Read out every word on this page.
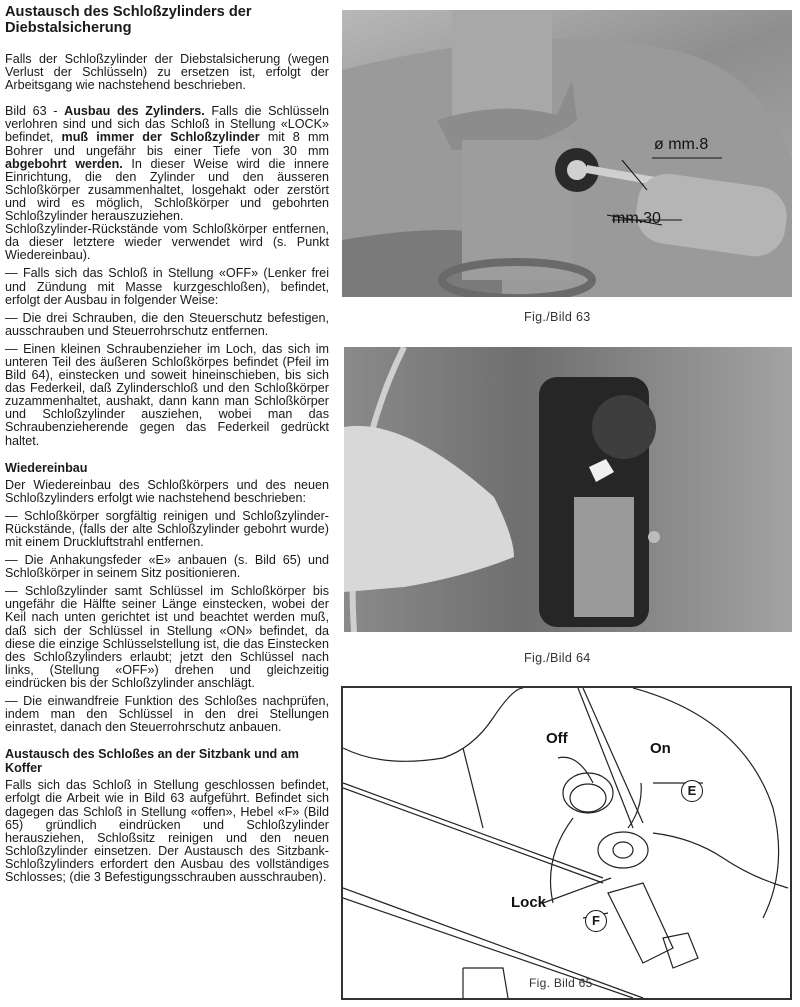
Austausch des Schloßzylinders der Diebstalsicherung

Falls der Schloßzylinder der Diebstalsicherung (wegen Verlust der Schlüsseln) zu ersetzen ist, erfolgt der Arbeitsgang wie nachstehend beschrieben.

Bild 63 - Ausbau des Zylinders. Falls die Schlüsseln verlohren sind und sich das Schloß in Stellung «LOCK» befindet, muß immer der Schloßzylinder mit 8 mm Bohrer und ungefähr bis einer Tiefe von 30 mm abgebohrt werden. In dieser Weise wird die innere Einrichtung, die den Zylinder und den äusseren Schloßkörper zusammenhaltet, losgehakt oder zerstört und wird es möglich, Schloßkörper und gebohrten Schloßzylinder herauszuziehen.

Schloßzylinder-Rückstände vom Schloßkörper entfernen, da dieser letztere wieder verwendet wird (s. Punkt Wiedereinbau).

— Falls sich das Schloß in Stellung «OFF» (Lenker frei und Zündung mit Masse kurzgeschloßen), befindet, erfolgt der Ausbau in folgender Weise:

— Die drei Schrauben, die den Steuerschutz befestigen, ausschrauben und Steuerrohrschutz entfernen.

— Einen kleinen Schraubenzieher im Loch, das sich im unteren Teil des äußeren Schloßkörpes befindet (Pfeil im Bild 64), einstecken und soweit hineinschieben, bis sich das Federkeil, daß Zylinderschloß und den Schloßkörper zuzammenhaltet, aushakt, dann kann man Schloßkörper und Schloßzylinder ausziehen, wobei man das Schraubenzieherende gegen das Federkeil gedrückt haltet.

Wiedereinbau

Der Wiedereinbau des Schloßkörpers und des neuen Schloßzylinders erfolgt wie nachstehend beschrieben:

— Schloßkörper sorgfältig reinigen und Schloßzylinder-Rückstände, (falls der alte Schloßzylinder gebohrt wurde) mit einem Druckluftstrahl entfernen.

— Die Anhakungsfeder «E» anbauen (s. Bild 65) und Schloßkörper in seinem Sitz positionieren.

— Schloßzylinder samt Schlüssel im Schloßkörper bis ungefähr die Hälfte seiner Länge einstecken, wobei der Keil nach unten gerichtet ist und beachtet werden muß, daß sich der Schlüssel in Stellung «ON» befindet, da diese die einzige Schlüsselstellung ist, die das Einstecken des Schloßzylinders erlaubt; jetzt den Schlüssel nach links, (Stellung «OFF») drehen und gleichzeitig eindrücken bis der Schloßzylinder anschlägt.

— Die einwandfreie Funktion des Schloßes nachprüfen, indem man den Schlüssel in den drei Stellungen einrastet, danach den Steuerrohrschutz anbauen.

Austausch des Schloßes an der Sitzbank und am Koffer

Falls sich das Schloß in Stellung geschlossen befindet, erfolgt die Arbeit wie in Bild 63 aufgeführt. Befindet sich dagegen das Schloß in Stellung «offen», Hebel «F» (Bild 65) gründlich eindrücken und Schloßzylinder herausziehen, Schloßsitz reinigen und den neuen Schloßzylinder einsetzen. Der Austausch des Sitzbank-Schloßzylinders erfordert den Ausbau des vollständiges Schlosses; (die 3 Befestigungsschrauben ausschrauben).

ø mm.8
mm.30
Fig./Bild 63
Fig./Bild 64
Off
On
Lock
E
F
Fig. Bild 65
